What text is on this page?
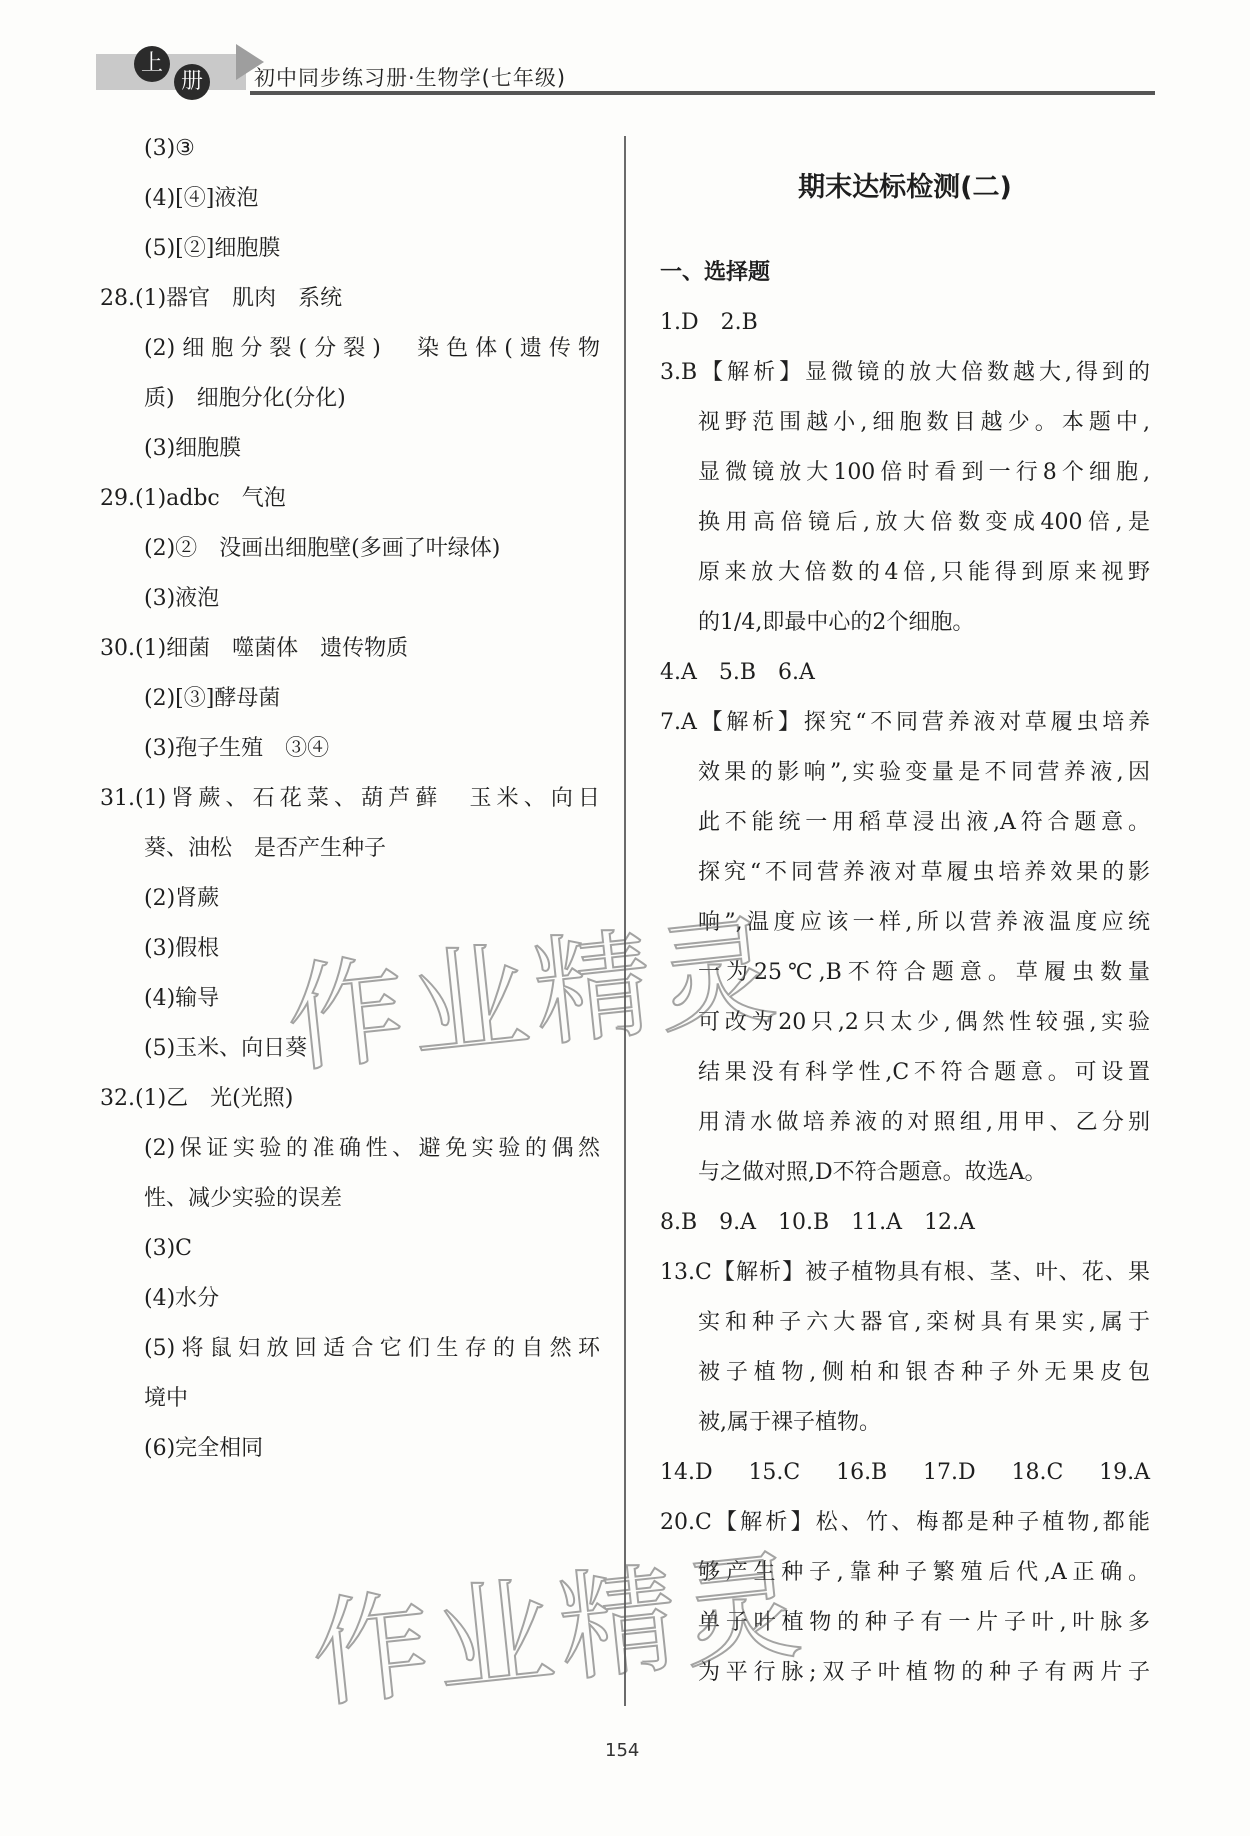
上
册	初中同步练习册·生物学(七年级)
(3)③
(4)[④]液泡
(5)[②]细胞膜
28.(1)器官　肌肉　系统
(2)细胞分裂(分裂)　染色体(遗传物
质)　细胞分化(分化)
(3)细胞膜
29.(1)adbc　气泡
(2)②　没画出细胞壁(多画了叶绿体)
(3)液泡
30.(1)细菌　噬菌体　遗传物质
(2)[③]酵母菌
(3)孢子生殖　③④
31.(1)肾蕨、石花菜、葫芦藓　玉米、向日
葵、油松　是否产生种子
(2)肾蕨
(3)假根
(4)输导
(5)玉米、向日葵
32.(1)乙　光(光照)
(2)保证实验的准确性、避免实验的偶然
性、减少实验的误差
(3)C
(4)水分
(5)将鼠妇放回适合它们生存的自然环
境中
(6)完全相同
期末达标检测(二)
一、选择题
1.D　2.B
3.B【解析】显微镜的放大倍数越大,得到的
视野范围越小,细胞数目越少。本题中,
显微镜放大100倍时看到一行8个细胞,
换用高倍镜后,放大倍数变成400倍,是
原来放大倍数的4倍,只能得到原来视野
的1/4,即最中心的2个细胞。
4.A　5.B　6.A
7.A【解析】探究“不同营养液对草履虫培养
效果的影响”,实验变量是不同营养液,因
此不能统一用稻草浸出液,A符合题意。
探究“不同营养液对草履虫培养效果的影
响”,温度应该一样,所以营养液温度应统
一为25℃,B不符合题意。草履虫数量
可改为20只,2只太少,偶然性较强,实验
结果没有科学性,C不符合题意。可设置
用清水做培养液的对照组,用甲、乙分别
与之做对照,D不符合题意。故选A。
8.B　9.A　10.B　11.A　12.A
13.C【解析】被子植物具有根、茎、叶、花、果
实和种子六大器官,栾树具有果实,属于
被子植物,侧柏和银杏种子外无果皮包
被,属于裸子植物。
14.D　15.C　16.B　17.D　18.C　19.A
20.C【解析】松、竹、梅都是种子植物,都能
够产生种子,靠种子繁殖后代,A正确。
单子叶植物的种子有一片子叶,叶脉多
为平行脉;双子叶植物的种子有两片子
154
作业精灵
作业精灵
